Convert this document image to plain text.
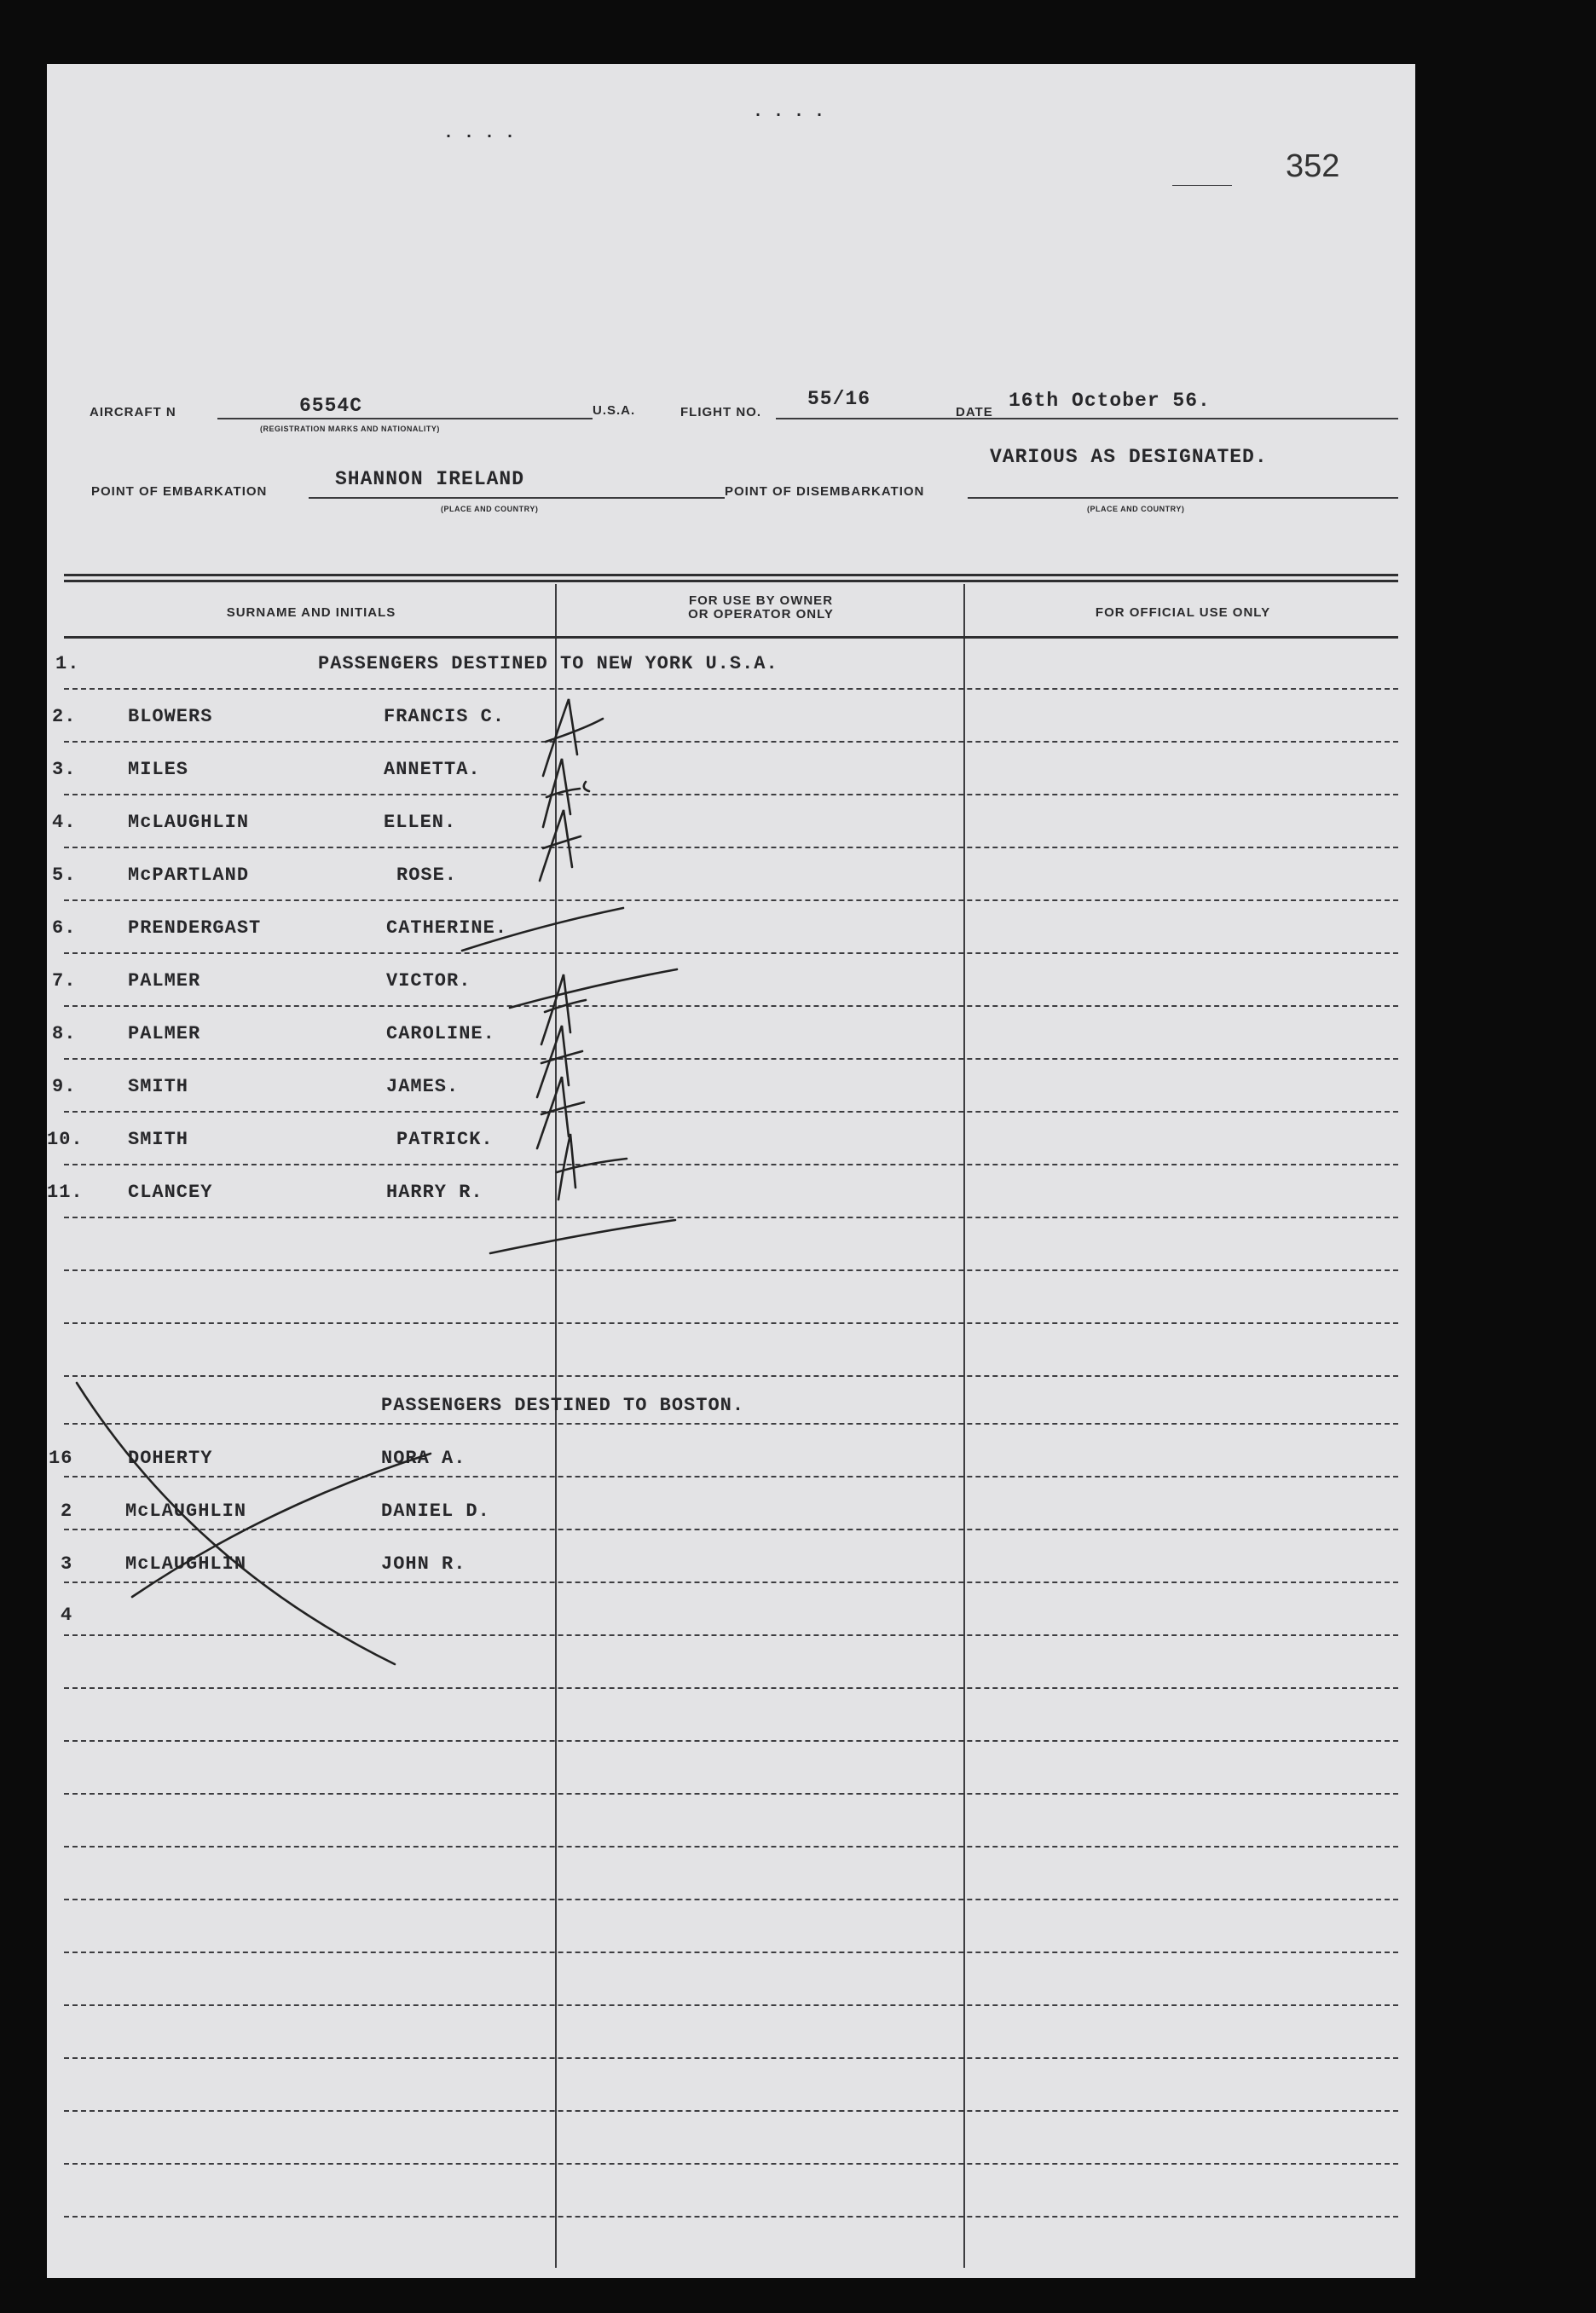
. . . .
. . . .
352
AIRCRAFT N	6554C
(REGISTRATION MARKS AND NATIONALITY)
U.S.A.	FLIGHT NO.
55/16
DATE
16th October 56.
VARIOUS AS DESIGNATED.
POINT OF EMBARKATION
SHANNON IRELAND
(PLACE AND COUNTRY)
POINT OF DISEMBARKATION
(PLACE AND COUNTRY)
SURNAME AND INITIALS
FOR USE BY OWNER
OR OPERATOR ONLY	FOR OFFICIAL USE ONLY
1.	PASSENGERS DESTINED TO NEW YORK U.S.A.
2.	BLOWERS	FRANCIS C.
3.	MILES	ANNETTA.
4.	McLAUGHLIN	ELLEN.
5.	McPARTLAND	ROSE.
6.	PRENDERGAST	CATHERINE.
7.	PALMER	VICTOR.
8.	PALMER	CAROLINE.
9.	SMITH	JAMES.
10. SMITH	PATRICK.
11. CLANCEY	HARRY R.
PASSENGERS DESTINED TO BOSTON.
16	DOHERTY	NORA A.
2	McLAUGHLIN	DANIEL D.
3	McLAUGHLIN	JOHN R.
4
